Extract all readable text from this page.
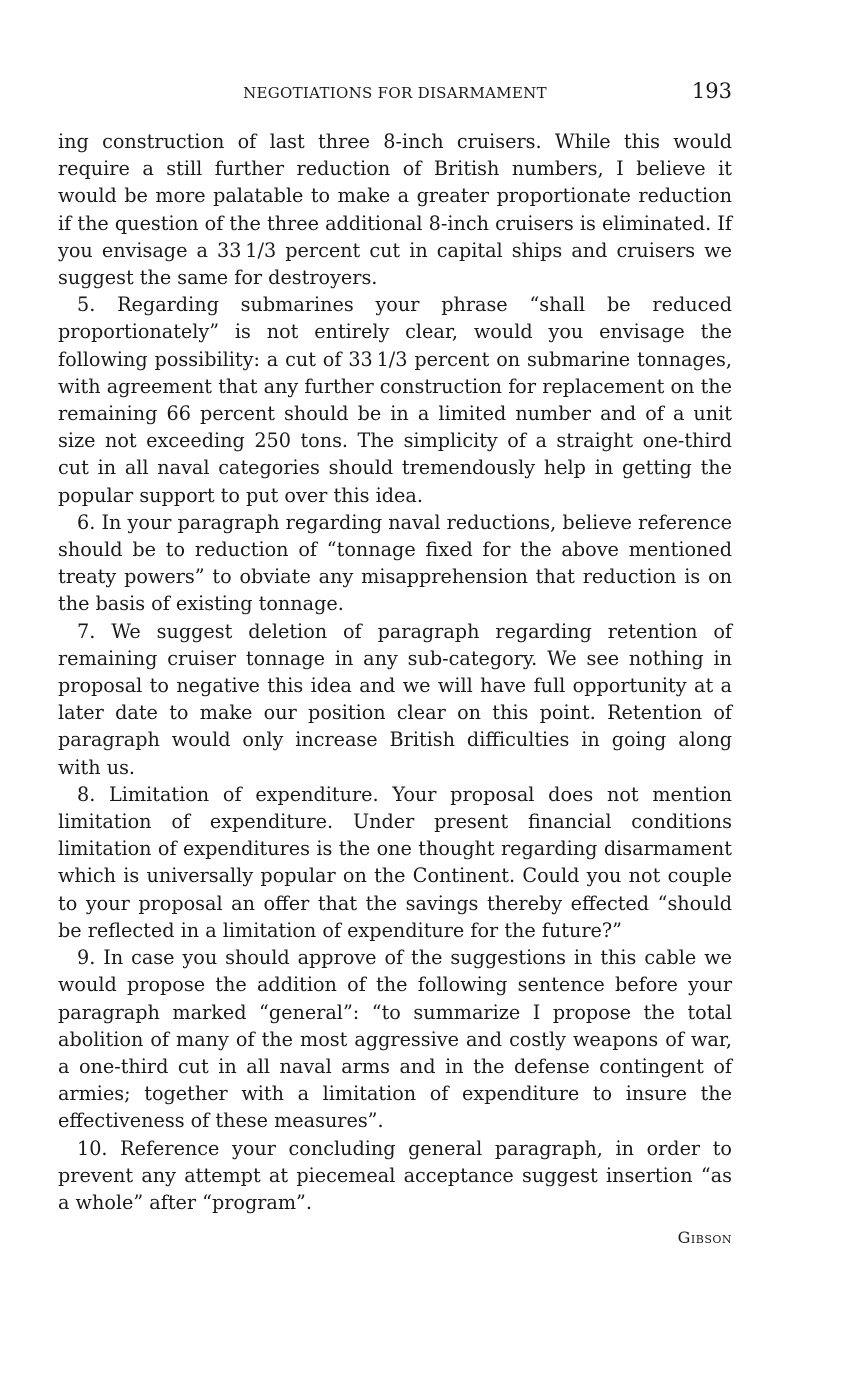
NEGOTIATIONS FOR DISARMAMENT	193

ing construction of last three 8-inch cruisers. While this would require a still further reduction of British numbers, I believe it would be more palatable to make a greater proportionate reduction if the question of the three additional 8-inch cruisers is eliminated. If you envisage a 33 1/3 percent cut in capital ships and cruisers we suggest the same for destroyers.

5. Regarding submarines your phrase “shall be reduced proportionately” is not entirely clear, would you envisage the following possibility: a cut of 33 1/3 percent on submarine tonnages, with agreement that any further construction for replacement on the remaining 66 percent should be in a limited number and of a unit size not exceeding 250 tons. The simplicity of a straight one-third cut in all naval categories should tremendously help in getting the popular support to put over this idea.

6. In your paragraph regarding naval reductions, believe reference should be to reduction of “tonnage fixed for the above mentioned treaty powers” to obviate any misapprehension that reduction is on the basis of existing tonnage.

7. We suggest deletion of paragraph regarding retention of remaining cruiser tonnage in any sub-category. We see nothing in proposal to negative this idea and we will have full opportunity at a later date to make our position clear on this point. Retention of paragraph would only increase British difficulties in going along with us.

8. Limitation of expenditure. Your proposal does not mention limitation of expenditure. Under present financial conditions limitation of expenditures is the one thought regarding disarmament which is universally popular on the Continent. Could you not couple to your proposal an offer that the savings thereby effected “should be reflected in a limitation of expenditure for the future?”

9. In case you should approve of the suggestions in this cable we would propose the addition of the following sentence before your paragraph marked “general”: “to summarize I propose the total abolition of many of the most aggressive and costly weapons of war, a one-third cut in all naval arms and in the defense contingent of armies; together with a limitation of expenditure to insure the effectiveness of these measures”.

10. Reference your concluding general paragraph, in order to prevent any attempt at piecemeal acceptance suggest insertion “as a whole” after “program”.

Gibson
